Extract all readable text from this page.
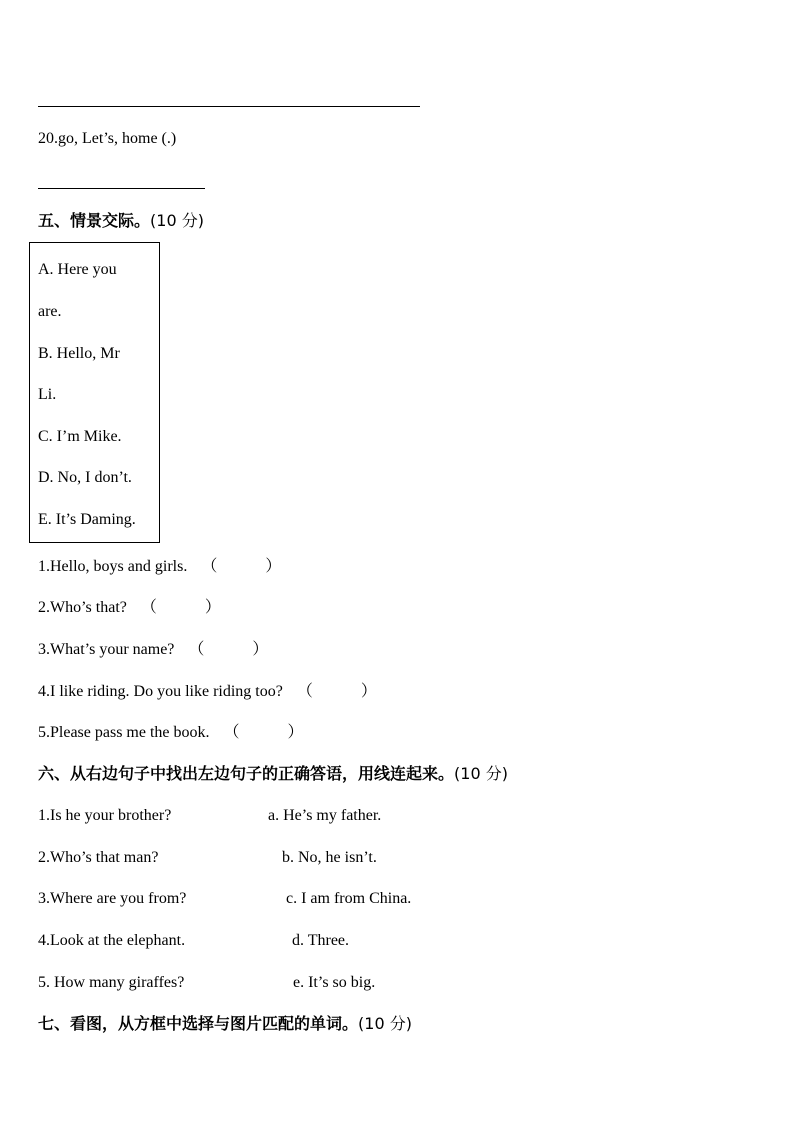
20.go, Let’s, home (.)
五、情景交际。(10 分)
A. Here you
are.
B. Hello, Mr
Li.
C. I’m Mike.
D. No, I don’t.
E. It’s Daming.
1.Hello, boys and girls. （　　　）
2.Who’s that? （　　　）
3.What’s your name? （　　　）
4.I like riding. Do you like riding too? （　　　）
5.Please pass me the book. （　　　）
六、从右边句子中找出左边句子的正确答语，用线连起来。(10 分)
1.Is he your brother?	a. He’s my father.
2.Who’s that man?	b. No, he isn’t.
3.Where are you from?	c. I am from China.
4.Look at the elephant.	d. Three.
5. How many giraffes?	e. It’s so big.
七、看图，从方框中选择与图片匹配的单词。(10 分)
